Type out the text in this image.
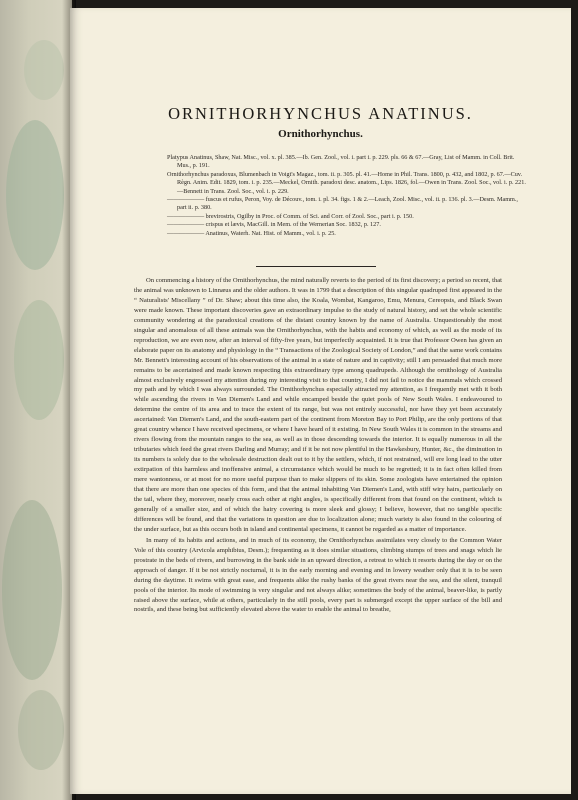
ORNITHORHYNCHUS ANATINUS.
Ornithorhynchus.

Platypus Anatinus, Shaw, Nat. Misc., vol. x. pl. 385.—Ib. Gen. Zool., vol. i. part i. p. 229. pls. 66 & 67.—Gray, List of Mamm. in Coll. Brit. Mus., p. 191.

Ornithorhynchus paradoxus, Blumenbach in Voigt's Magaz., tom. ii. p. 305. pl. 41.—Home in Phil. Trans. 1800, p. 432, and 1802, p. 67.—Cuv. Règn. Anim. Edit. 1829, tom. i. p. 235.—Meckel, Ornith. paradoxi desc. anatom., Lips. 1826, fol.—Owen in Trans. Zool. Soc., vol. i. p. 221.—Bennett in Trans. Zool. Soc., vol. i. p. 229.

—————— fuscus et rufus, Peron, Voy. de Découv., tom. i. pl. 34. figs. 1 & 2.—Leach, Zool. Misc., vol. ii. p. 136. pl. 3.—Desm. Mamm., part ii. p. 380.

—————— brevirostris, Ogilby in Proc. of Comm. of Sci. and Corr. of Zool. Soc., part i. p. 150.

—————— crispus et lævis, MacGill. in Mem. of the Wernerian Soc. 1832, p. 127.

—————— Anatinus, Waterh. Nat. Hist. of Mamm., vol. i. p. 25.

On commencing a history of the Ornithorhynchus, the mind naturally reverts to the period of its first discovery; a period so recent, that the animal was unknown to Linnæus and the older authors. It was in 1799 that a description of this singular quadruped first appeared in the “ Naturalists' Miscellany ” of Dr. Shaw; about this time also, the Koala, Wombat, Kangaroo, Emu, Menura, Cereopsis, and Black Swan were made known. These important discoveries gave an extraordinary impulse to the study of natural history, and set the whole scientific community wondering at the paradoxical creations of the distant country known by the name of Australia. Unquestionably the most singular and anomalous of all these animals was the Ornithorhynchus, with the habits and economy of which, as well as the mode of its reproduction, we are even now, after an interval of fifty-five years, but imperfectly acquainted. It is true that Professor Owen has given an elaborate paper on its anatomy and physiology in the “ Transactions of the Zoological Society of London,” and that the same work contains Mr. Bennett's interesting account of his observations of the animal in a state of nature and in captivity; still I am persuaded that much more remains to be ascertained and made known respecting this extraordinary type among quadrupeds. Although the ornithology of Australia almost exclusively engrossed my attention during my interesting visit to that country, I did not fail to notice the mammals which crossed my path and by which I was always surrounded. The Ornithorhynchus especially attracted my attention, as I frequently met with it both while ascending the rivers in Van Diemen's Land and while encamped beside the quiet pools of New South Wales. I endeavoured to determine the centre of its area and to trace the extent of its range, but was not entirely successful, nor have they yet been accurately ascertained: Van Diemen's Land, and the south-eastern part of the continent from Moreton Bay to Port Philip, are the only portions of that great country whence I have received specimens, or where I have heard of it existing. In New South Wales it is common in the streams and rivers flowing from the mountain ranges to the sea, as well as in those descending towards the interior. It is equally numerous in all the tributaries which feed the great rivers Darling and Murray; and if it be not now plentiful in the Hawkesbury, Hunter, &c., the diminution in its numbers is solely due to the wholesale destruction dealt out to it by the settlers, which, if not restrained, will ere long lead to the utter extirpation of this harmless and inoffensive animal, a circumstance which would be much to be regretted; it is in fact often killed from mere wantonness, or at most for no more useful purpose than to make slippers of its skin. Some zoologists have entertained the opinion that there are more than one species of this form, and that the animal inhabiting Van Diemen's Land, with stiff wiry hairs, particularly on the tail, where they, moreover, nearly cross each other at right angles, is specifically different from that found on the continent, which is generally of a smaller size, and of which the hairy covering is more sleek and glossy; I believe, however, that no tangible specific differences will be found, and that the variations in question are due to localization alone; much variety is also found in the colouring of the under surface, but as this occurs both in island and continental specimens, it cannot be regarded as a matter of importance.

In many of its habits and actions, and in much of its economy, the Ornithorhynchus assimilates very closely to the Common Water Vole of this country (Arvicola amphibius, Desm.); frequenting as it does similar situations, climbing stumps of trees and snags which lie prostrate in the beds of rivers, and burrowing in the bank side in an upward direction, a retreat to which it resorts during the day or on the approach of danger. If it be not strictly nocturnal, it is in the early morning and evening and in lowery weather only that it is to be seen during the daytime. It swims with great ease, and frequents alike the rushy banks of the great rivers near the sea, and the silent, tranquil pools of the interior. Its mode of swimming is very singular and not always alike; sometimes the body of the animal, beaver-like, is partly raised above the surface, while at others, particularly in the still pools, every part is submerged except the upper surface of the bill and nostrils, and these being but sufficiently elevated above the water to enable the animal to breathe,
